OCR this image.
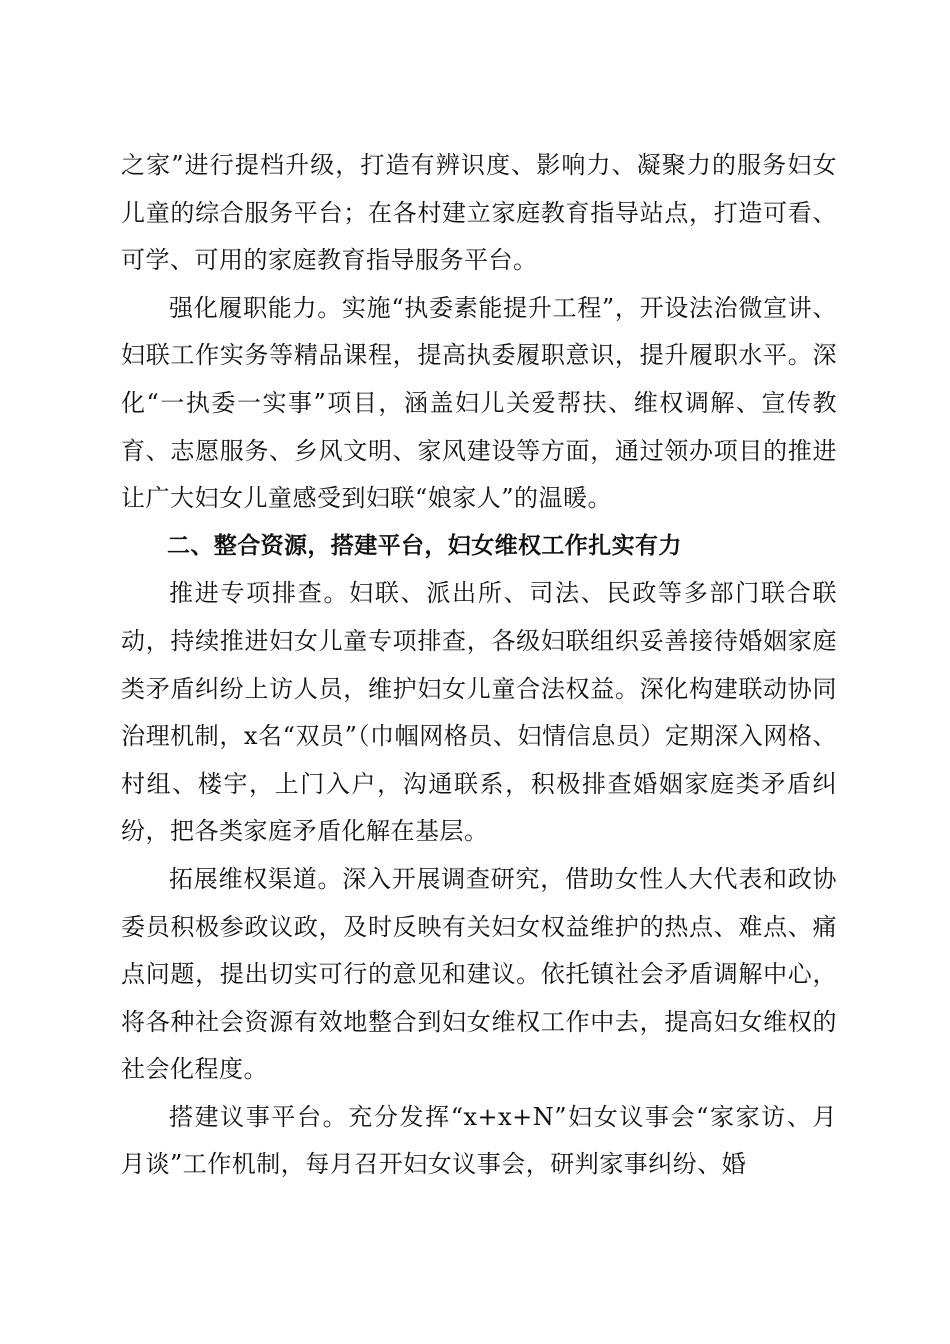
之家”进行提档升级，打造有辨识度、影响力、凝聚力的服务妇女儿童的综合服务平台；在各村建立家庭教育指导站点，打造可看、可学、可用的家庭教育指导服务平台。

强化履职能力。实施“执委素能提升工程”，开设法治微宣讲、妇联工作实务等精品课程，提高执委履职意识，提升履职水平。深化“一执委一实事”项目，涵盖妇儿关爱帮扶、维权调解、宣传教育、志愿服务、乡风文明、家风建设等方面，通过领办项目的推进让广大妇女儿童感受到妇联“娘家人”的温暖。

二、整合资源，搭建平台，妇女维权工作扎实有力

推进专项排查。妇联、派出所、司法、民政等多部门联合联动，持续推进妇女儿童专项排查，各级妇联组织妥善接待婚姻家庭类矛盾纠纷上访人员，维护妇女儿童合法权益。深化构建联动协同治理机制，x名“双员”（巾帼网格员、妇情信息员）定期深入网格、村组、楼宇，上门入户，沟通联系，积极排查婚姻家庭类矛盾纠纷，把各类家庭矛盾化解在基层。

拓展维权渠道。深入开展调查研究，借助女性人大代表和政协委员积极参政议政，及时反映有关妇女权益维护的热点、难点、痛点问题，提出切实可行的意见和建议。依托镇社会矛盾调解中心，将各种社会资源有效地整合到妇女维权工作中去，提高妇女维权的社会化程度。

搭建议事平台。充分发挥“x+x+N”妇女议事会“家家访、月月谈”工作机制，每月召开妇女议事会，研判家事纠纷、婚
